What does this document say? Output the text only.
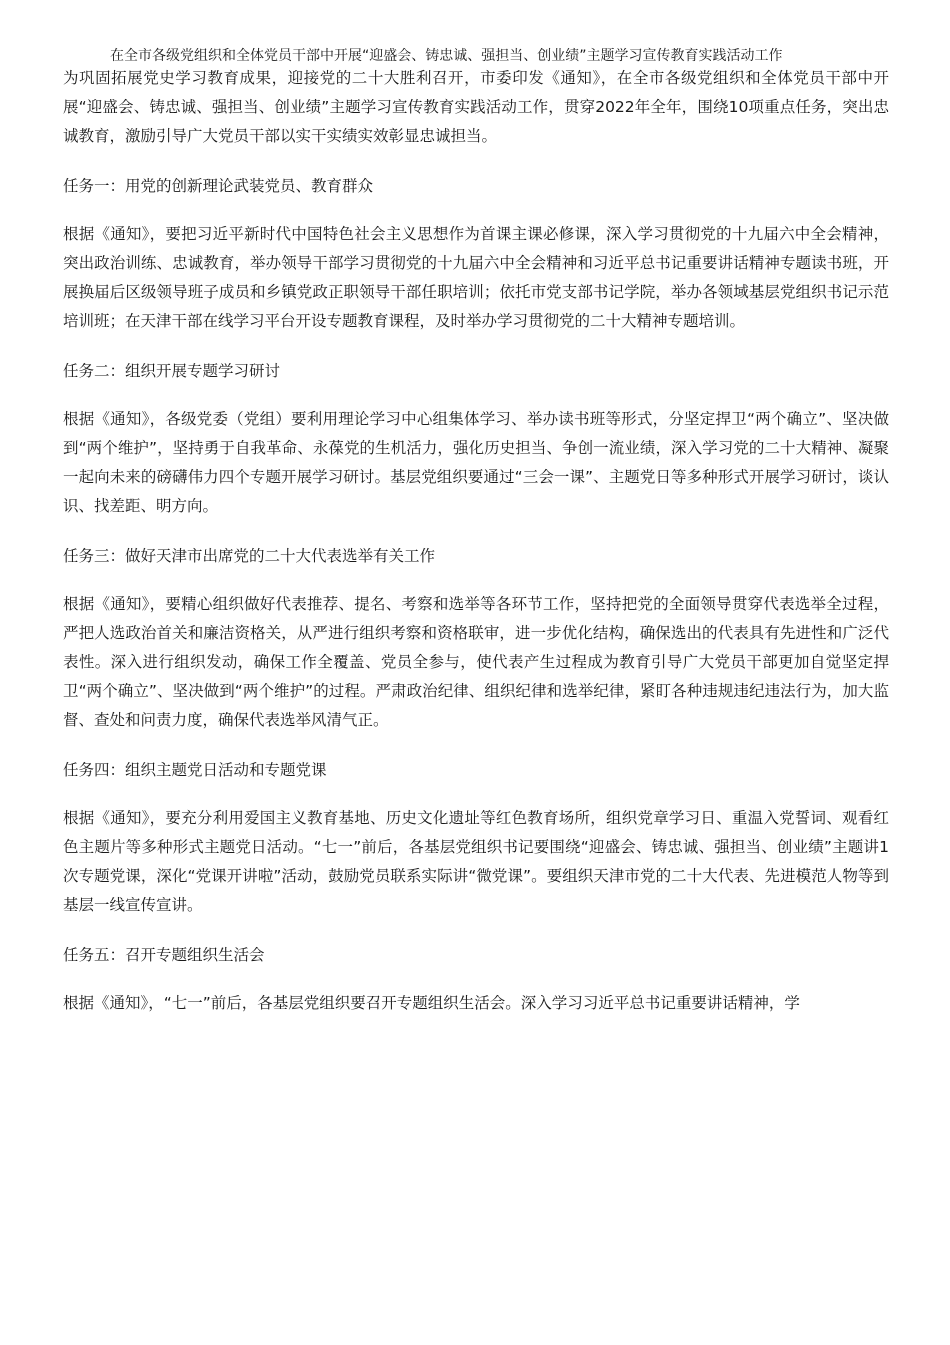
在全市各级党组织和全体党员干部中开展“迎盛会、铸忠诚、强担当、创业绩”主题学习宣传教育实践活动工作

为巩固拓展党史学习教育成果，迎接党的二十大胜利召开，市委印发《通知》，在全市各级党组织和全体党员干部中开展“迎盛会、铸忠诚、强担当、创业绩”主题学习宣传教育实践活动工作，贯穿2022年全年，围绕10项重点任务，突出忠诚教育，激励引导广大党员干部以实干实绩实效彰显忠诚担当。

任务一：用党的创新理论武装党员、教育群众

根据《通知》，要把习近平新时代中国特色社会主义思想作为首课主课必修课，深入学习贯彻党的十九届六中全会精神，突出政治训练、忠诚教育，举办领导干部学习贯彻党的十九届六中全会精神和习近平总书记重要讲话精神专题读书班，开展换届后区级领导班子成员和乡镇党政正职领导干部任职培训；依托市党支部书记学院，举办各领域基层党组织书记示范培训班；在天津干部在线学习平台开设专题教育课程，及时举办学习贯彻党的二十大精神专题培训。

任务二：组织开展专题学习研讨

根据《通知》，各级党委（党组）要利用理论学习中心组集体学习、举办读书班等形式，分坚定捍卫“两个确立”、坚决做到“两个维护”，坚持勇于自我革命、永葆党的生机活力，强化历史担当、争创一流业绩，深入学习党的二十大精神、凝聚一起向未来的磅礴伟力四个专题开展学习研讨。基层党组织要通过“三会一课”、主题党日等多种形式开展学习研讨，谈认识、找差距、明方向。

任务三：做好天津市出席党的二十大代表选举有关工作

根据《通知》，要精心组织做好代表推荐、提名、考察和选举等各环节工作，坚持把党的全面领导贯穿代表选举全过程，严把人选政治首关和廉洁资格关，从严进行组织考察和资格联审，进一步优化结构，确保选出的代表具有先进性和广泛代表性。深入进行组织发动，确保工作全覆盖、党员全参与，使代表产生过程成为教育引导广大党员干部更加自觉坚定捍卫“两个确立”、坚决做到“两个维护”的过程。严肃政治纪律、组织纪律和选举纪律，紧盯各种违规违纪违法行为，加大监督、查处和问责力度，确保代表选举风清气正。

任务四：组织主题党日活动和专题党课

根据《通知》，要充分利用爱国主义教育基地、历史文化遗址等红色教育场所，组织党章学习日、重温入党誓词、观看红色主题片等多种形式主题党日活动。“七一”前后，各基层党组织书记要围绕“迎盛会、铸忠诚、强担当、创业绩”主题讲1次专题党课，深化“党课开讲啦”活动，鼓励党员联系实际讲“微党课”。要组织天津市党的二十大代表、先进模范人物等到基层一线宣传宣讲。

任务五：召开专题组织生活会

根据《通知》，“七一”前后，各基层党组织要召开专题组织生活会。深入学习习近平总书记重要讲话精神，学
